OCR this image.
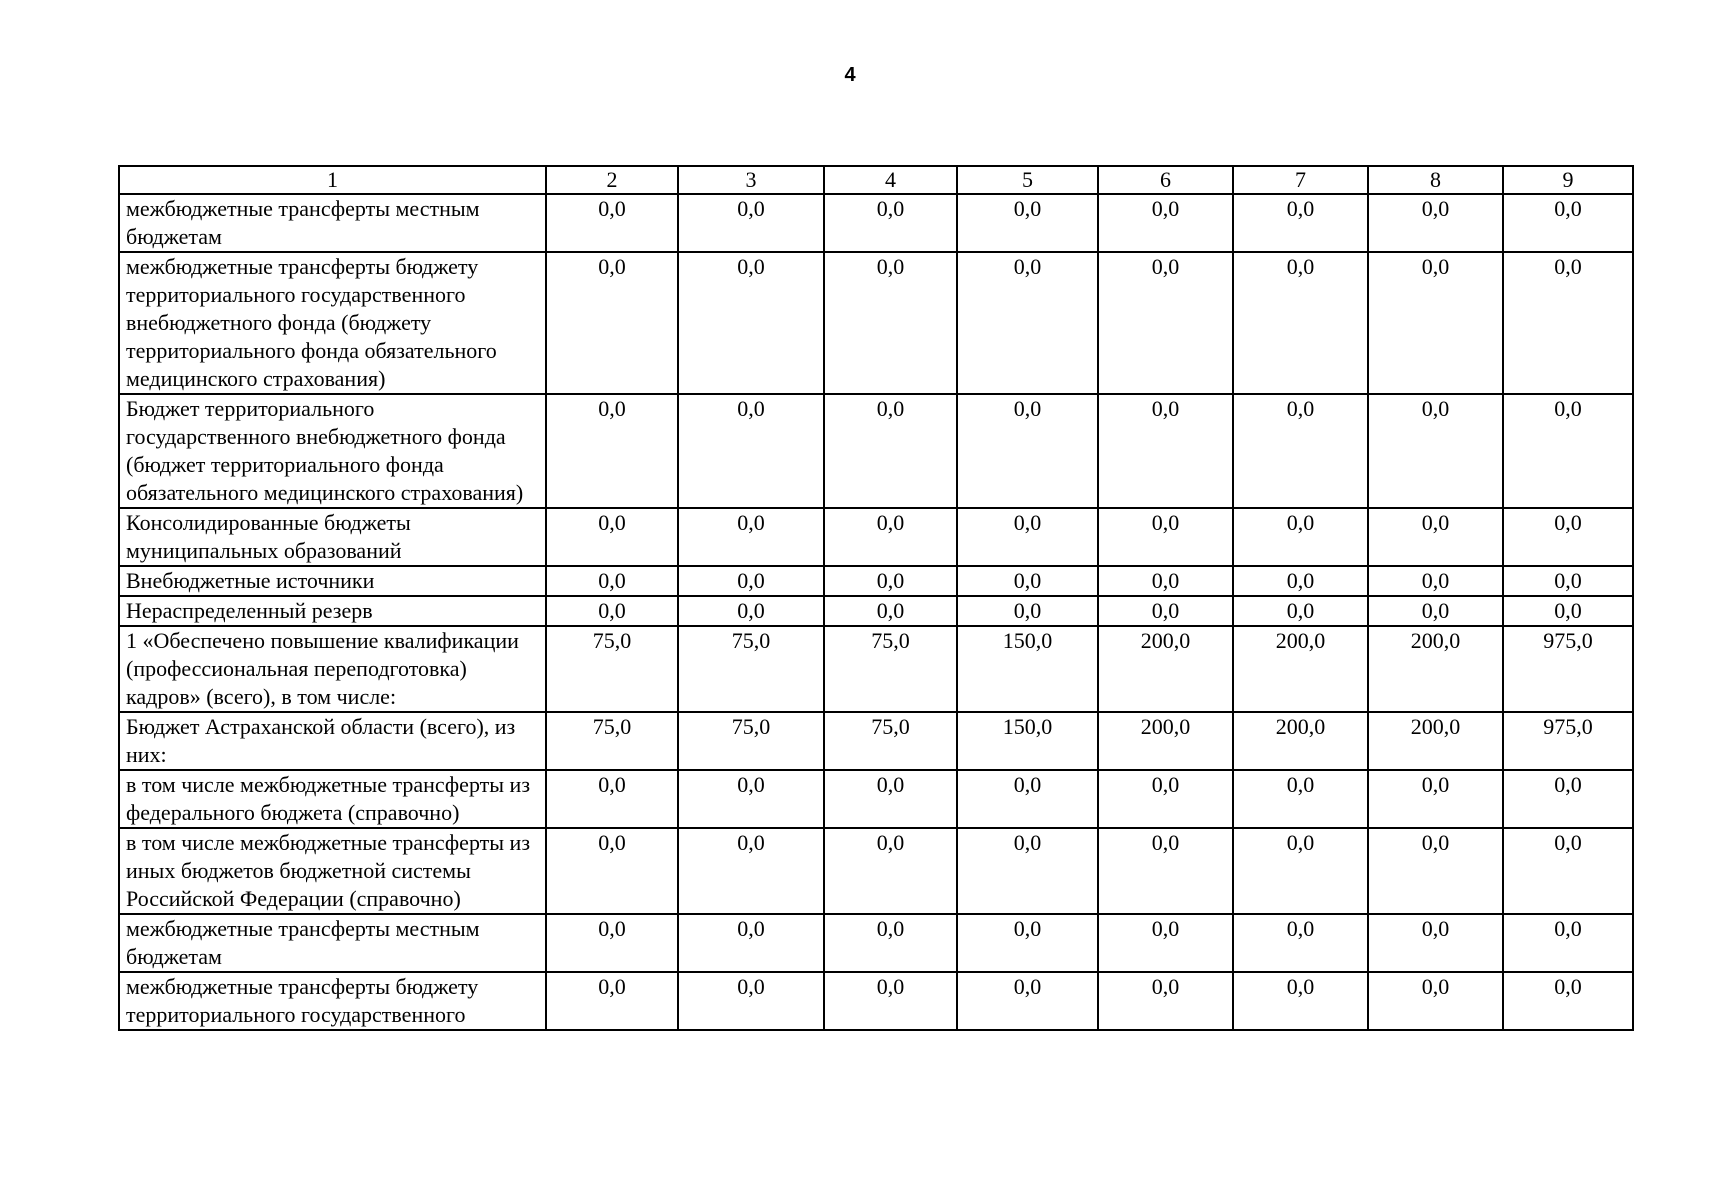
4
1	2	3	4	5	6	7	8	9
межбюджетные трансферты местным бюджетам	0,0	0,0	0,0	0,0	0,0	0,0	0,0	0,0
межбюджетные трансферты бюджету территориального государственного внебюджетного фонда (бюджету территориального фонда обязательного медицинского страхования)	0,0	0,0	0,0	0,0	0,0	0,0	0,0	0,0
Бюджет территориального государственного внебюджетного фонда (бюджет территориального фонда обязательного медицинского страхования)	0,0	0,0	0,0	0,0	0,0	0,0	0,0	0,0
Консолидированные бюджеты муниципальных образований	0,0	0,0	0,0	0,0	0,0	0,0	0,0	0,0
Внебюджетные источники	0,0	0,0	0,0	0,0	0,0	0,0	0,0	0,0
Нераспределенный резерв	0,0	0,0	0,0	0,0	0,0	0,0	0,0	0,0
1 «Обеспечено повышение квалификации (профессиональная переподготовка) кадров» (всего), в том числе:	75,0	75,0	75,0	150,0	200,0	200,0	200,0	975,0
Бюджет Астраханской области (всего), из них:	75,0	75,0	75,0	150,0	200,0	200,0	200,0	975,0
в том числе межбюджетные трансферты из федерального бюджета (справочно)	0,0	0,0	0,0	0,0	0,0	0,0	0,0	0,0
в том числе межбюджетные трансферты из иных бюджетов бюджетной системы Российской Федерации (справочно)	0,0	0,0	0,0	0,0	0,0	0,0	0,0	0,0
межбюджетные трансферты местным бюджетам	0,0	0,0	0,0	0,0	0,0	0,0	0,0	0,0
межбюджетные трансферты бюджету территориального государственного	0,0	0,0	0,0	0,0	0,0	0,0	0,0	0,0
